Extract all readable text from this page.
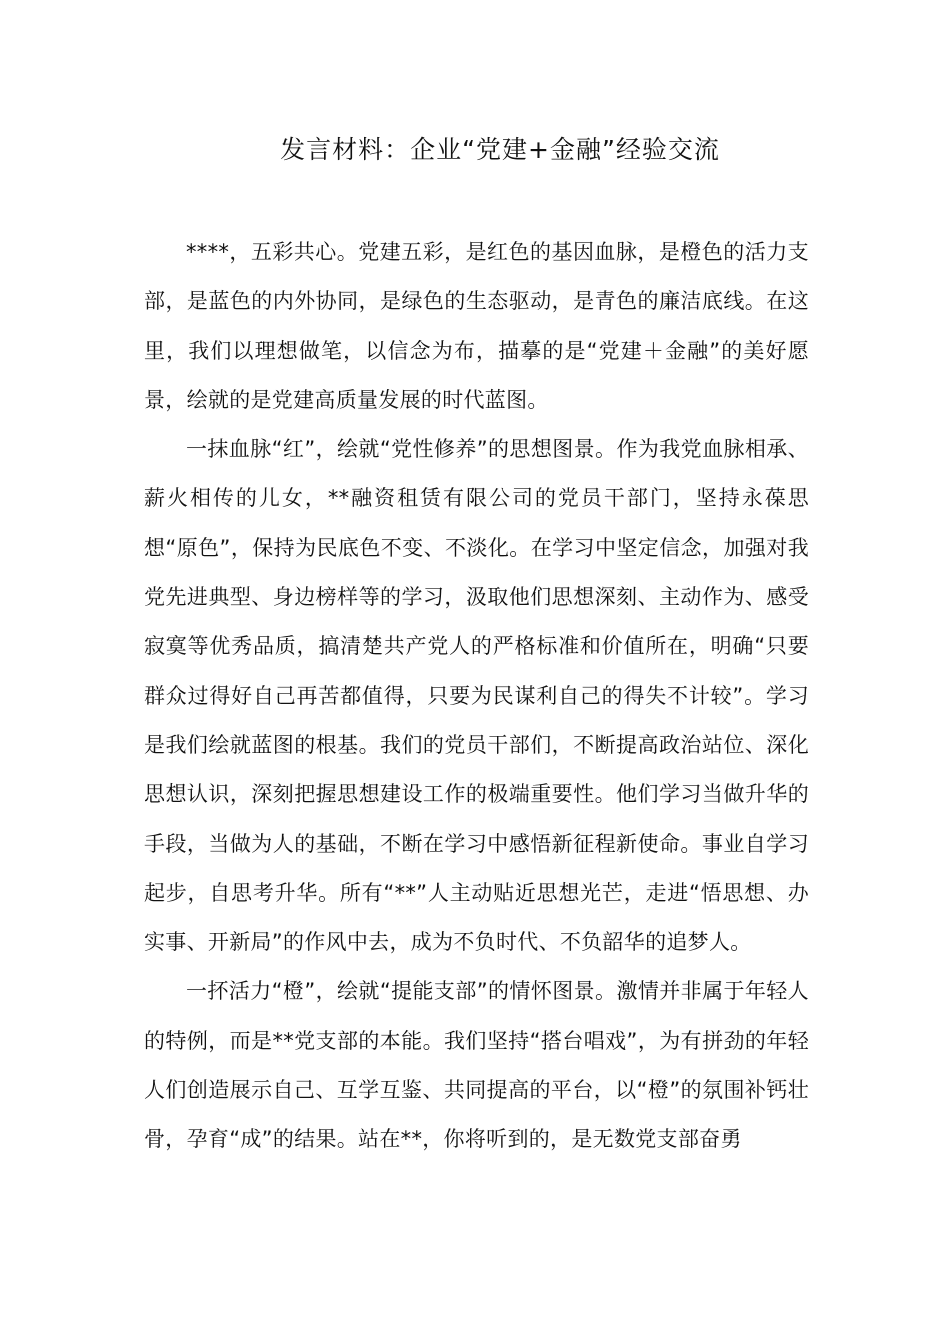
发言材料：企业“党建+金融”经验交流

****，五彩共心。党建五彩，是红色的基因血脉，是橙色的活力支部，是蓝色的内外协同，是绿色的生态驱动，是青色的廉洁底线。在这里，我们以理想做笔，以信念为布，描摹的是“党建＋金融”的美好愿景，绘就的是党建高质量发展的时代蓝图。

一抹血脉“红”，绘就“党性修养”的思想图景。作为我党血脉相承、薪火相传的儿女，**融资租赁有限公司的党员干部门，坚持永葆思想“原色”，保持为民底色不变、不淡化。在学习中坚定信念，加强对我党先进典型、身边榜样等的学习，汲取他们思想深刻、主动作为、感受寂寞等优秀品质，搞清楚共产党人的严格标准和价值所在，明确“只要群众过得好自己再苦都值得，只要为民谋利自己的得失不计较”。学习是我们绘就蓝图的根基。我们的党员干部们，不断提高政治站位、深化思想认识，深刻把握思想建设工作的极端重要性。他们学习当做升华的手段，当做为人的基础，不断在学习中感悟新征程新使命。事业自学习起步，自思考升华。所有“**”人主动贴近思想光芒，走进“悟思想、办实事、开新局”的作风中去，成为不负时代、不负韶华的追梦人。

一抔活力“橙”，绘就“提能支部”的情怀图景。激情并非属于年轻人的特例，而是**党支部的本能。我们坚持“搭台唱戏”，为有拼劲的年轻人们创造展示自己、互学互鉴、共同提高的平台，以“橙”的氛围补钙壮骨，孕育“成”的结果。站在**，你将听到的，是无数党支部奋勇
